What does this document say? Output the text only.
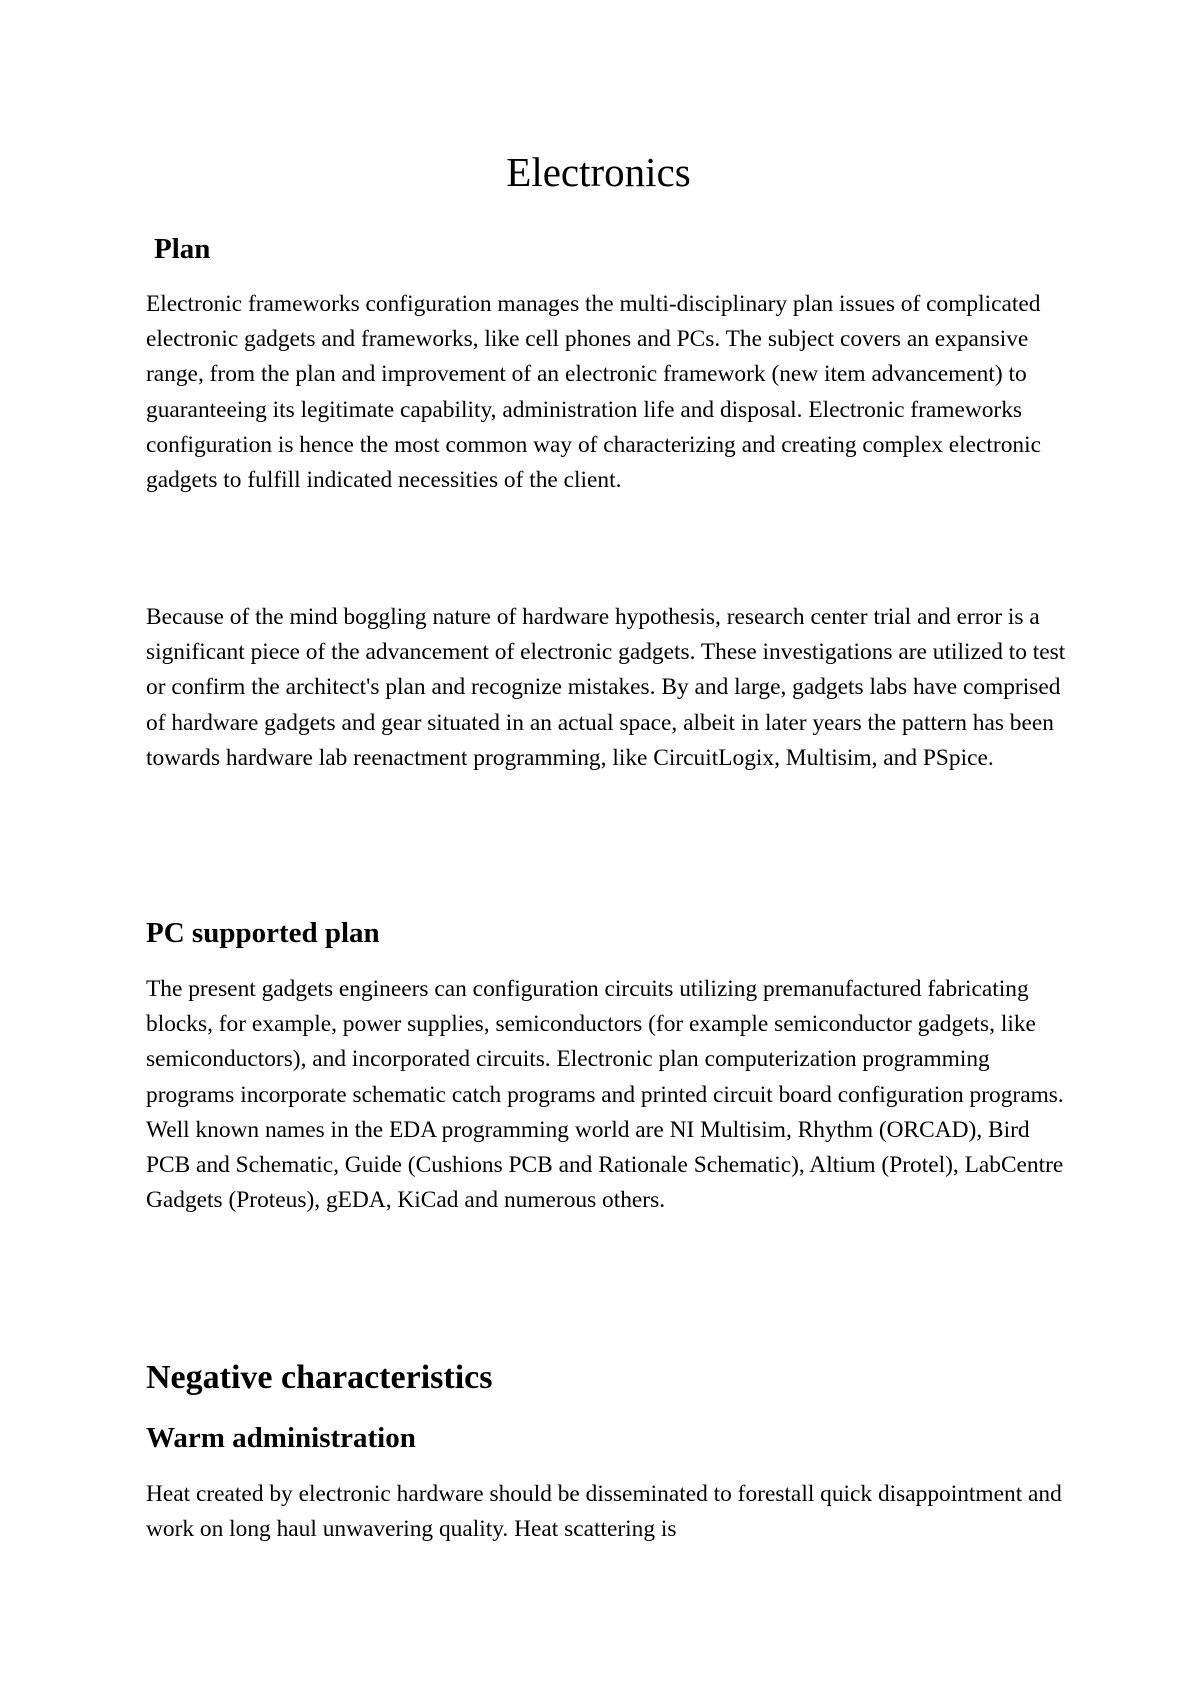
Electronics
Plan

Electronic frameworks configuration manages the multi-disciplinary plan issues of complicated electronic gadgets and frameworks, like cell phones and PCs. The subject covers an expansive range, from the plan and improvement of an electronic framework (new item advancement) to guaranteeing its legitimate capability, administration life and disposal. Electronic frameworks configuration is hence the most common way of characterizing and creating complex electronic gadgets to fulfill indicated necessities of the client.

Because of the mind boggling nature of hardware hypothesis, research center trial and error is a significant piece of the advancement of electronic gadgets. These investigations are utilized to test or confirm the architect's plan and recognize mistakes. By and large, gadgets labs have comprised of hardware gadgets and gear situated in an actual space, albeit in later years the pattern has been towards hardware lab reenactment programming, like CircuitLogix, Multisim, and PSpice.

PC supported plan

The present gadgets engineers can configuration circuits utilizing premanufactured fabricating blocks, for example, power supplies, semiconductors (for example semiconductor gadgets, like semiconductors), and incorporated circuits. Electronic plan computerization programming programs incorporate schematic catch programs and printed circuit board configuration programs. Well known names in the EDA programming world are NI Multisim, Rhythm (ORCAD), Bird PCB and Schematic, Guide (Cushions PCB and Rationale Schematic), Altium (Protel), LabCentre Gadgets (Proteus), gEDA, KiCad and numerous others.

Negative characteristics
Warm administration

Heat created by electronic hardware should be disseminated to forestall quick disappointment and work on long haul unwavering quality. Heat scattering is
